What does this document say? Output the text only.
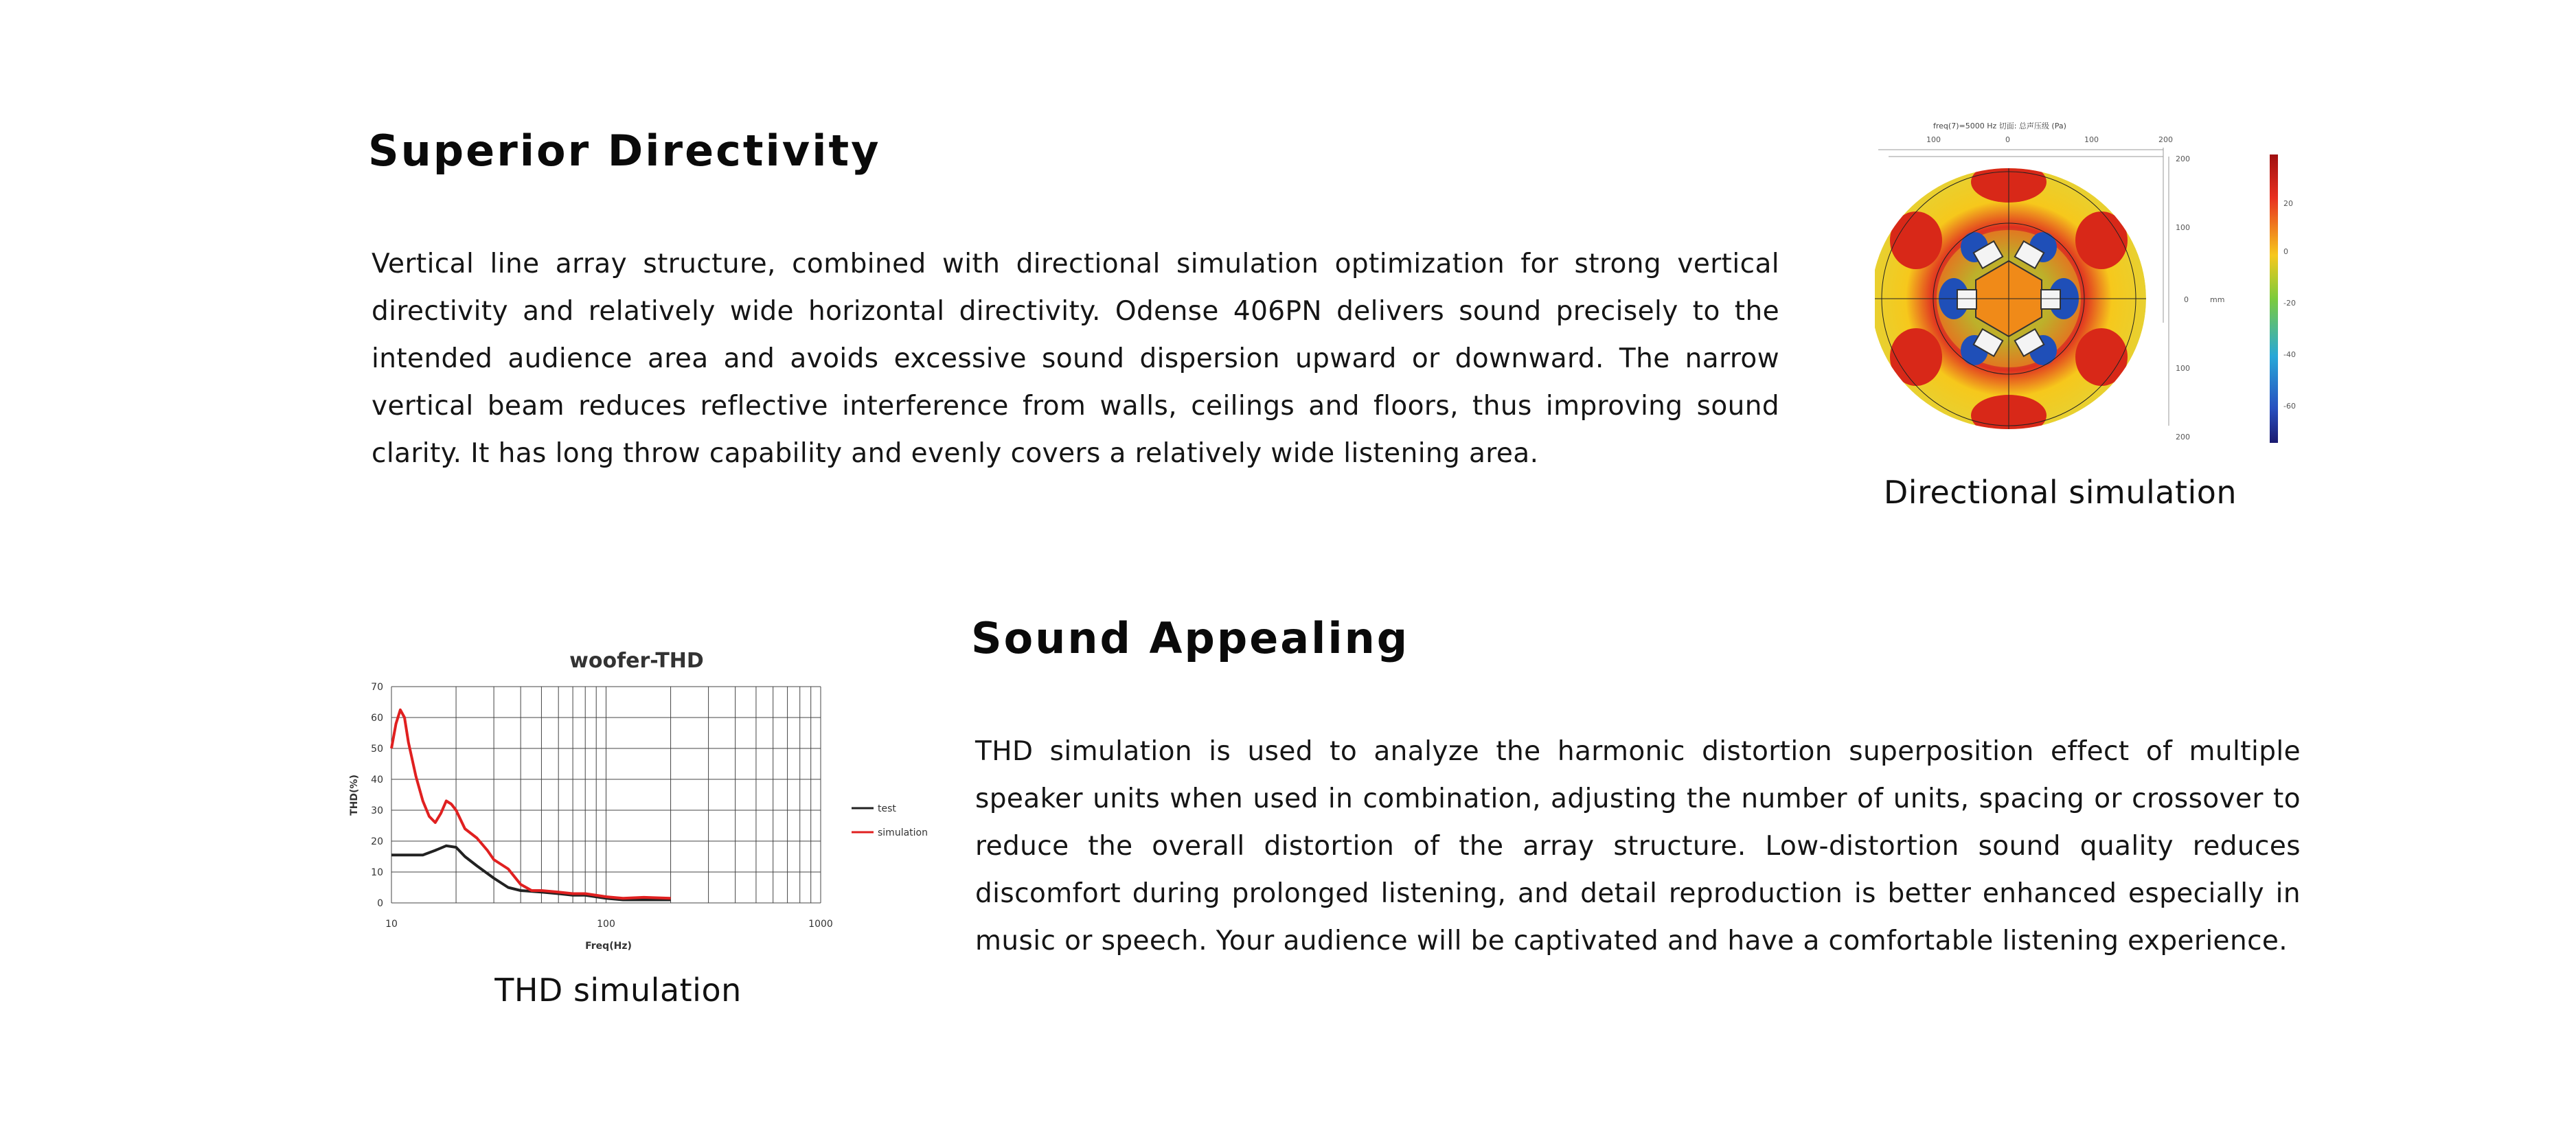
Superior Directivity

Vertical line array structure, combined with directional simulation optimization for strong vertical directivity and relatively wide horizontal directivity. Odense 406PN delivers sound precisely to the intended audience area and avoids excessive sound dispersion upward or downward. The narrow vertical beam reduces reflective interference from walls, ceilings and floors, thus improving sound clarity. It has long throw capability and evenly covers a relatively wide listening area.

freq(7)=5000 Hz 切面: 总声压级 (Pa)
100	0	100	200
200
100
0	mm
100
200
20
0
-20
-40
-60

Directional simulation

woofer-THD
0
10
20
30
40
50
60
70
10	100	1000
THD(%)
Freq(Hz)
test
simulation

THD simulation

Sound Appealing

THD simulation is used to analyze the harmonic distortion superposition effect of multiple speaker units when used in combination, adjusting the number of units, spacing or crossover to reduce the overall distortion of the array structure. Low-distortion sound quality reduces discomfort during prolonged listening, and detail reproduction is better enhanced especially in music or speech. Your audience will be captivated and have a comfortable listening experience.
